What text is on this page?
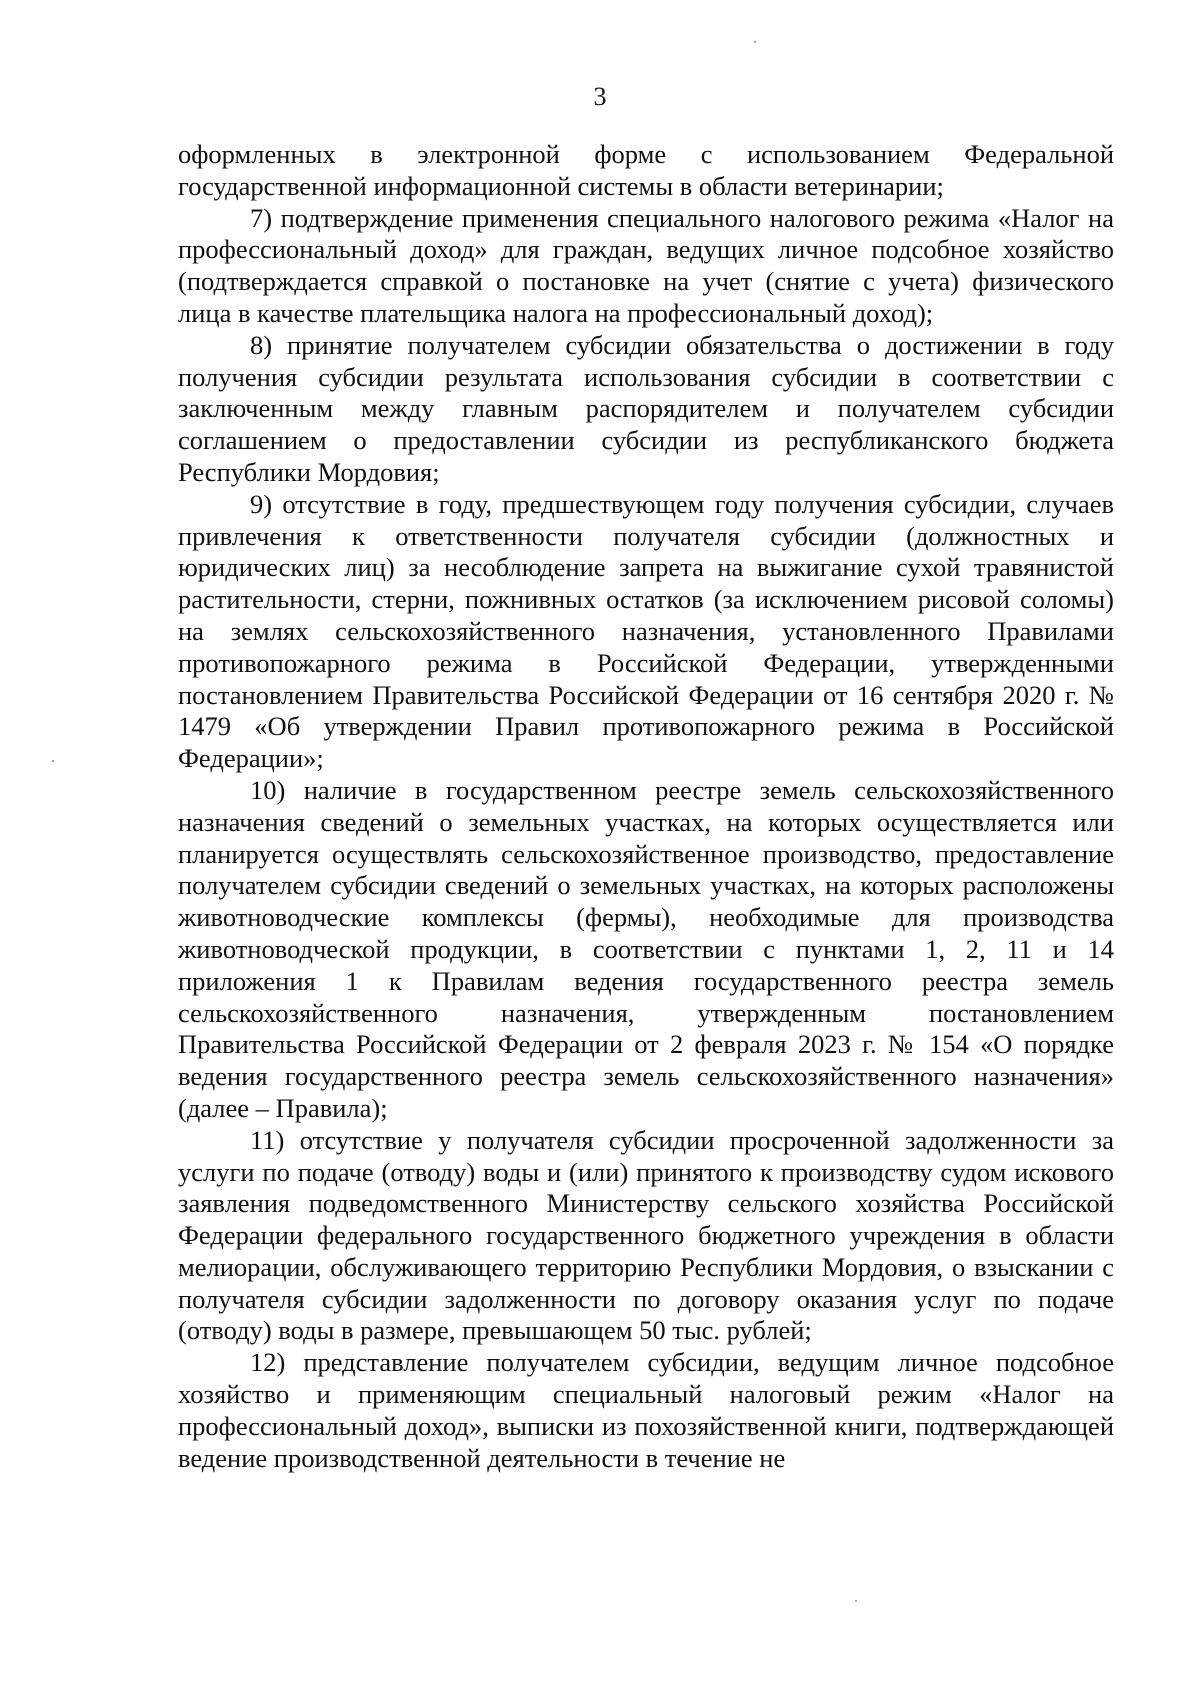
3

оформленных в электронной форме с использованием Федеральной государственной информационной системы в области ветеринарии;

7) подтверждение применения специального налогового режима «Налог на профессиональный доход» для граждан, ведущих личное подсобное хозяйство (подтверждается справкой о постановке на учет (снятие с учета) физического лица в качестве плательщика налога на профессиональный доход);

8) принятие получателем субсидии обязательства о достижении в году получения субсидии результата использования субсидии в соответствии с заключенным между главным распорядителем и получателем субсидии соглашением о предоставлении субсидии из республиканского бюджета Республики Мордовия;

9) отсутствие в году, предшествующем году получения субсидии, случаев привлечения к ответственности получателя субсидии (должностных и юридических лиц) за несоблюдение запрета на выжигание сухой травянистой растительности, стерни, пожнивных остатков (за исключением рисовой соломы) на землях сельскохозяйственного назначения, установленного Правилами противопожарного режима в Российской Федерации, утвержденными постановлением Правительства Российской Федерации от 16 сентября 2020 г. № 1479 «Об утверждении Правил противопожарного режима в Российской Федерации»;

10) наличие в государственном реестре земель сельскохозяйственного назначения сведений о земельных участках, на которых осуществляется или планируется осуществлять сельскохозяйственное производство, предоставление получателем субсидии сведений о земельных участках, на которых расположены животноводческие комплексы (фермы), необходимые для производства животноводческой продукции, в соответствии с пунктами 1, 2, 11 и 14 приложения 1 к Правилам ведения государственного реестра земель сельскохозяйственного назначения, утвержденным постановлением Правительства Российской Федерации от 2 февраля 2023 г. № 154 «О порядке ведения государственного реестра земель сельскохозяйственного назначения» (далее – Правила);

11) отсутствие у получателя субсидии просроченной задолженности за услуги по подаче (отводу) воды и (или) принятого к производству судом искового заявления подведомственного Министерству сельского хозяйства Российской Федерации федерального государственного бюджетного учреждения в области мелиорации, обслуживающего территорию Республики Мордовия, о взыскании с получателя субсидии задолженности по договору оказания услуг по подаче (отводу) воды в размере, превышающем 50 тыс. рублей;

12) представление получателем субсидии, ведущим личное подсобное хозяйство и применяющим специальный налоговый режим «Налог на профессиональный доход», выписки из похозяйственной книги, подтверждающей ведение производственной деятельности в течение не
